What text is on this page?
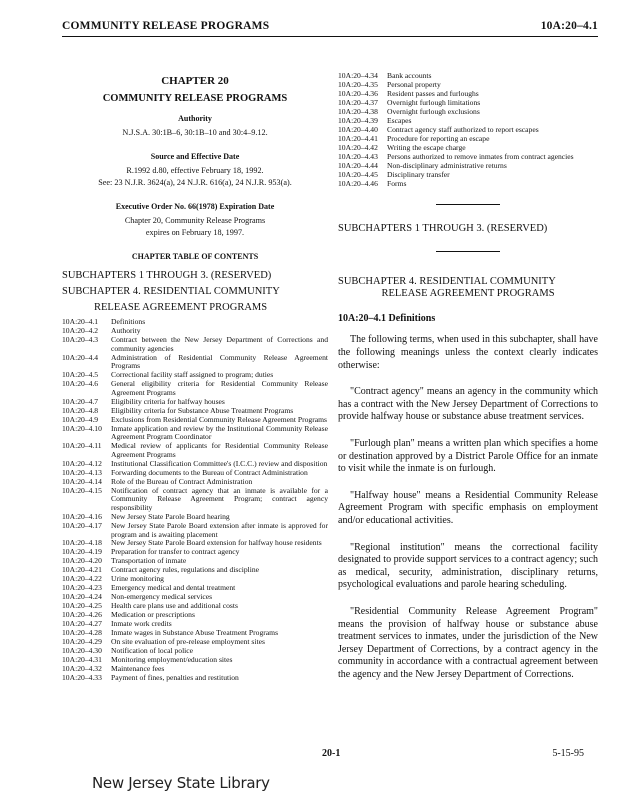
COMMUNITY RELEASE PROGRAMS	10A:20–4.1
CHAPTER 20
COMMUNITY RELEASE PROGRAMS
Authority
N.J.S.A. 30:1B–6, 30:1B–10 and 30:4–9.12.
Source and Effective Date
R.1992 d.80, effective February 18, 1992.
See: 23 N.J.R. 3624(a), 24 N.J.R. 616(a), 24 N.J.R. 953(a).
Executive Order No. 66(1978) Expiration Date
Chapter 20, Community Release Programs
expires on February 18, 1997.
CHAPTER TABLE OF CONTENTS
SUBCHAPTERS 1 THROUGH 3. (RESERVED)
SUBCHAPTER 4. RESIDENTIAL COMMUNITY
RELEASE AGREEMENT PROGRAMS
10A:20–4.1	Definitions
10A:20–4.2	Authority
10A:20–4.3	Contract between the New Jersey Department of Corrections and community agencies
10A:20–4.4	Administration of Residential Community Release Agreement Programs
10A:20–4.5	Correctional facility staff assigned to program; duties
10A:20–4.6	General eligibility criteria for Residential Community Release Agreement Programs
10A:20–4.7	Eligibility criteria for halfway houses
10A:20–4.8	Eligibility criteria for Substance Abuse Treatment Programs
10A:20–4.9	Exclusions from Residential Community Release Agreement Programs
10A:20–4.10	Inmate application and review by the Institutional Community Release Agreement Program Coordinator
10A:20–4.11	Medical review of applicants for Residential Community Release Agreement Programs
10A:20–4.12	Institutional Classification Committee's (I.C.C.) review and disposition
10A:20–4.13	Forwarding documents to the Bureau of Contract Administration
10A:20–4.14	Role of the Bureau of Contract Administration
10A:20–4.15	Notification of contract agency that an inmate is available for a Community Release Agreement Program; contract agency responsibility
10A:20–4.16	New Jersey State Parole Board hearing
10A:20–4.17	New Jersey State Parole Board extension after inmate is approved for program and is awaiting placement
10A:20–4.18	New Jersey State Parole Board extension for halfway house residents
10A:20–4.19	Preparation for transfer to contract agency
10A:20–4.20	Transportation of inmate
10A:20–4.21	Contract agency rules, regulations and discipline
10A:20–4.22	Urine monitoring
10A:20–4.23	Emergency medical and dental treatment
10A:20–4.24	Non-emergency medical services
10A:20–4.25	Health care plans use and additional costs
10A:20–4.26	Medication or prescriptions
10A:20–4.27	Inmate work credits
10A:20–4.28	Inmate wages in Substance Abuse Treatment Programs
10A:20–4.29	On site evaluation of pre-release employment sites
10A:20–4.30	Notification of local police
10A:20–4.31	Monitoring employment/education sites
10A:20–4.32	Maintenance fees
10A:20–4.33	Payment of fines, penalties and restitution
10A:20–4.34	Bank accounts
10A:20–4.35	Personal property
10A:20–4.36	Resident passes and furloughs
10A:20–4.37	Overnight furlough limitations
10A:20–4.38	Overnight furlough exclusions
10A:20–4.39	Escapes
10A:20–4.40	Contract agency staff authorized to report escapes
10A:20–4.41	Procedure for reporting an escape
10A:20–4.42	Writing the escape charge
10A:20–4.43	Persons authorized to remove inmates from contract agencies
10A:20–4.44	Non-disciplinary administrative returns
10A:20–4.45	Disciplinary transfer
10A:20–4.46	Forms
SUBCHAPTERS 1 THROUGH 3. (RESERVED)
SUBCHAPTER 4. RESIDENTIAL COMMUNITY
RELEASE AGREEMENT PROGRAMS
10A:20–4.1 Definitions

The following terms, when used in this subchapter, shall have the following meanings unless the context clearly indicates otherwise:

"Contract agency" means an agency in the community which has a contract with the New Jersey Department of Corrections to provide halfway house or substance abuse treatment services.

"Furlough plan" means a written plan which specifies a home or destination approved by a District Parole Office for an inmate to visit while the inmate is on furlough.

"Halfway house" means a Residential Community Release Agreement Program with specific emphasis on employment and/or educational activities.

"Regional institution" means the correctional facility designated to provide support services to a contract agency; such as medical, security, administration, disciplinary returns, psychological evaluations and parole hearing scheduling.

"Residential Community Release Agreement Program" means the provision of halfway house or substance abuse treatment services to inmates, under the jurisdiction of the New Jersey Department of Corrections, by a contract agency in the community in accordance with a contractual agreement between the agency and the New Jersey Department of Corrections.

20-1	5-15-95
New Jersey State Library
